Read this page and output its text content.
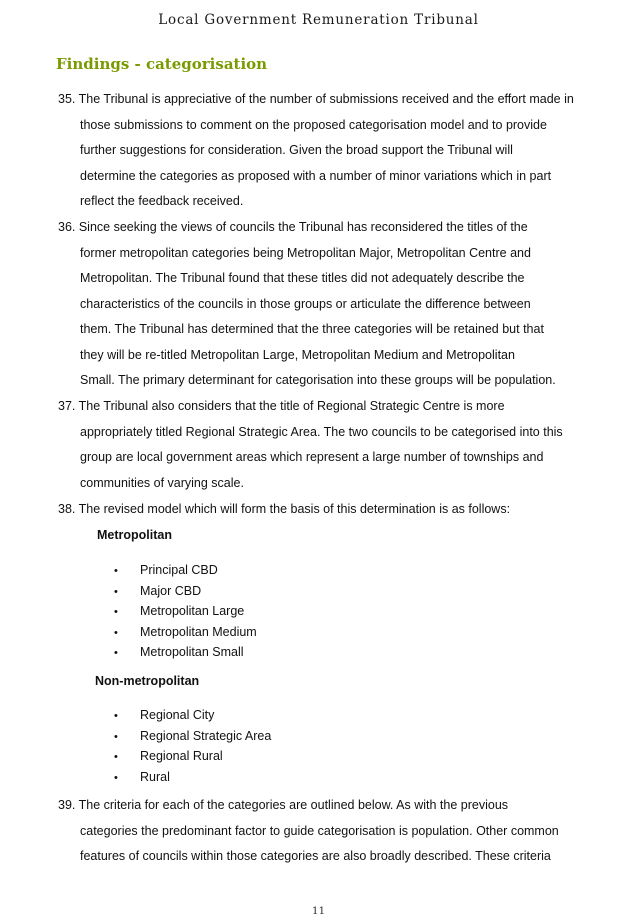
Local Government Remuneration Tribunal
Findings - categorisation
35. The Tribunal is appreciative of the number of submissions received and the effort made in
those submissions to comment on the proposed categorisation model and to provide
further suggestions for consideration. Given the broad support the Tribunal will
determine the categories as proposed with a number of minor variations which in part
reflect the feedback received.
36. Since seeking the views of councils the Tribunal has reconsidered the titles of the
former metropolitan categories being Metropolitan Major, Metropolitan Centre and
Metropolitan. The Tribunal found that these titles did not adequately describe the
characteristics of the councils in those groups or articulate the difference between
them. The Tribunal has determined that the three categories will be retained but that
they will be re-titled Metropolitan Large, Metropolitan Medium and Metropolitan
Small. The primary determinant for categorisation into these groups will be population.
37. The Tribunal also considers that the title of Regional Strategic Centre is more
appropriately titled Regional Strategic Area. The two councils to be categorised into this
group are local government areas which represent a large number of townships and
communities of varying scale.
38. The revised model which will form the basis of this determination is as follows:
Metropolitan
• Principal CBD
• Major CBD
• Metropolitan Large
• Metropolitan Medium
• Metropolitan Small
Non-metropolitan
• Regional City
• Regional Strategic Area
• Regional Rural
• Rural
39. The criteria for each of the categories are outlined below. As with the previous
categories the predominant factor to guide categorisation is population. Other common
features of councils within those categories are also broadly described. These criteria
11
